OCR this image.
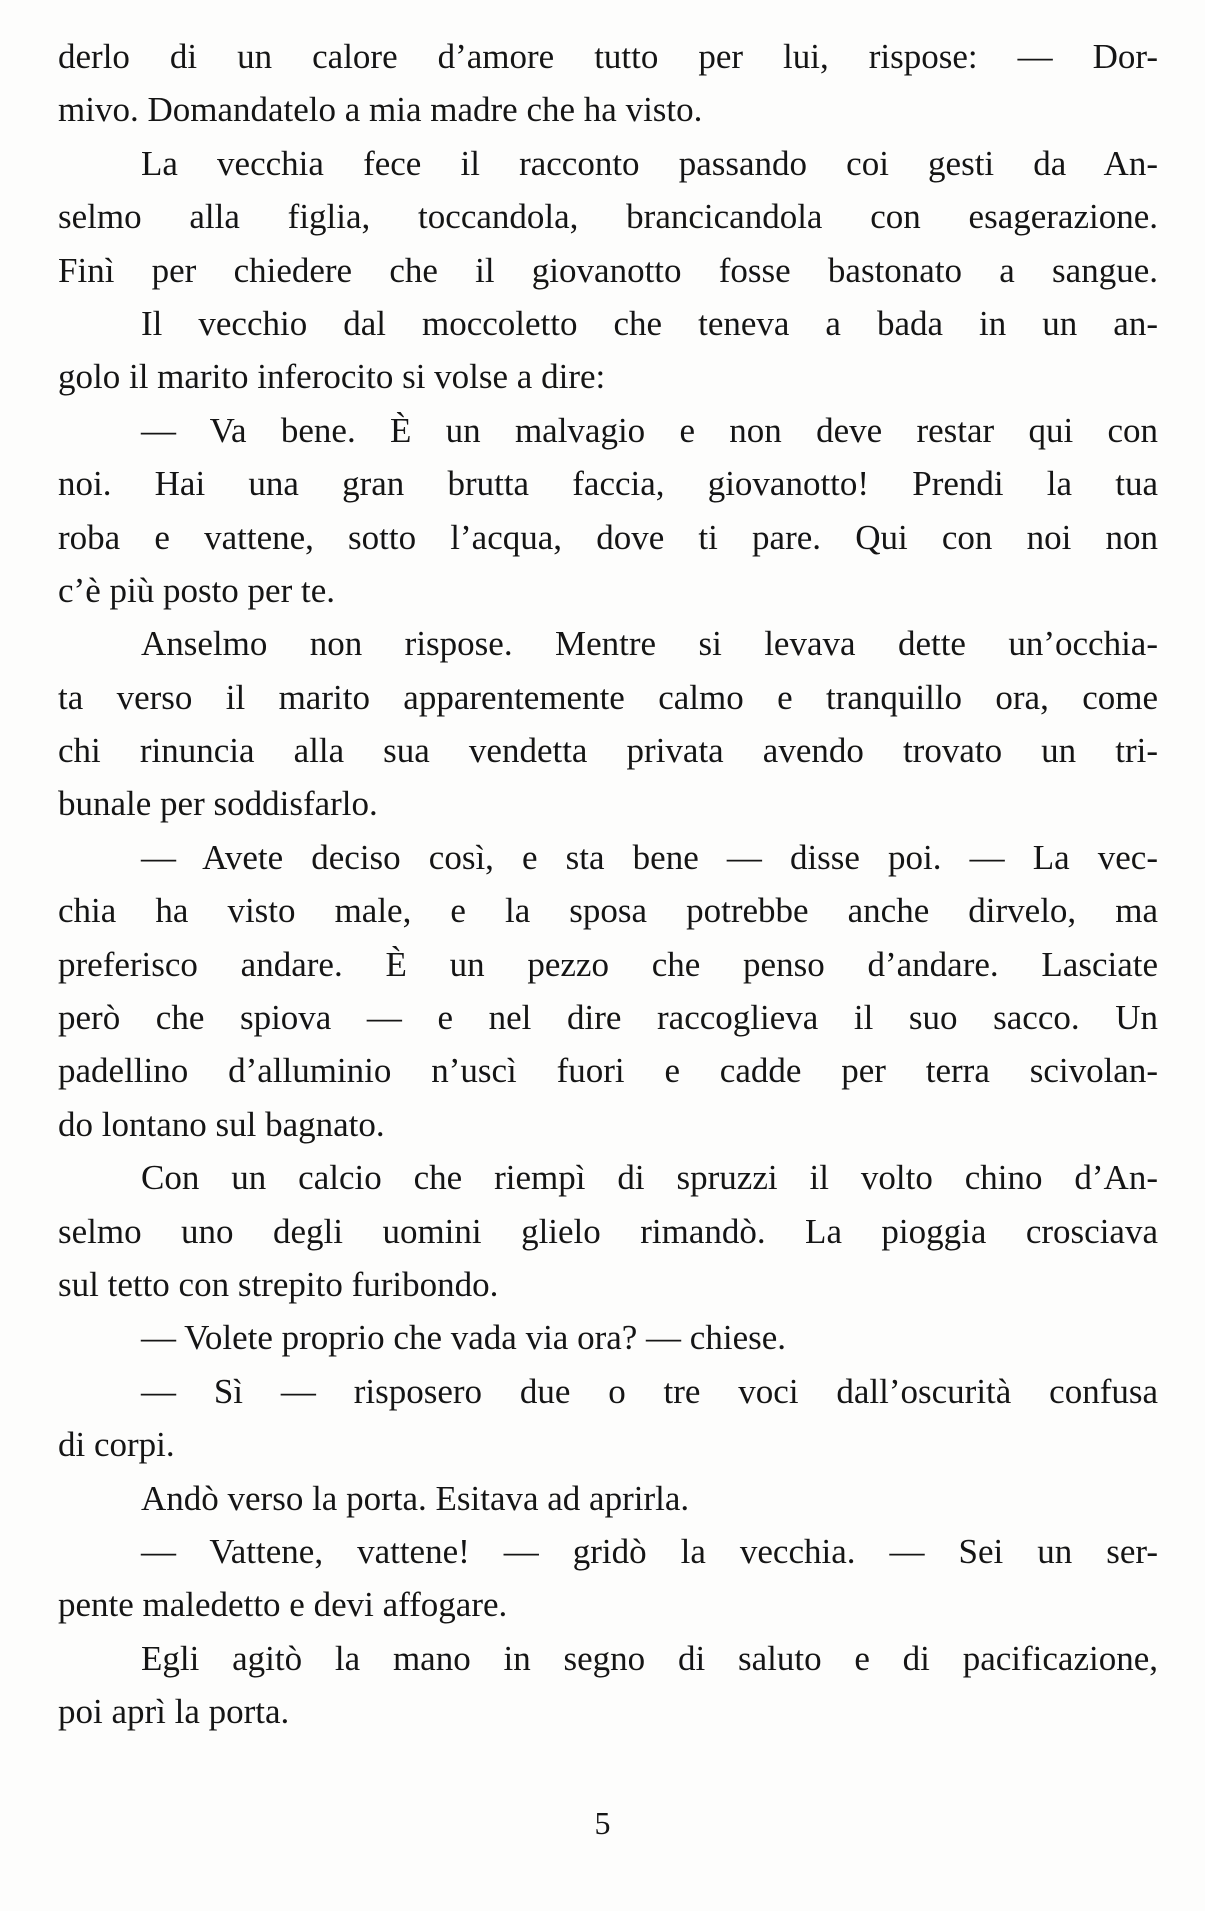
derlo di un calore d’amore tutto per lui, rispose: — Dor-
mivo. Domandatelo a mia madre che ha visto.
La vecchia fece il racconto passando coi gesti da An-
selmo alla figlia, toccandola, brancicandola con esagerazione.
Finì per chiedere che il giovanotto fosse bastonato a sangue.
Il vecchio dal moccoletto che teneva a bada in un an-
golo il marito inferocito si volse a dire:
— Va bene. È un malvagio e non deve restar qui con
noi. Hai una gran brutta faccia, giovanotto! Prendi la tua
roba e vattene, sotto l’acqua, dove ti pare. Qui con noi non
c’è più posto per te.
Anselmo non rispose. Mentre si levava dette un’occhia-
ta verso il marito apparentemente calmo e tranquillo ora, come
chi rinuncia alla sua vendetta privata avendo trovato un tri-
bunale per soddisfarlo.
— Avete deciso così, e sta bene — disse poi. — La vec-
chia ha visto male, e la sposa potrebbe anche dirvelo, ma
preferisco andare. È un pezzo che penso d’andare. Lasciate
però che spiova — e nel dire raccoglieva il suo sacco. Un
padellino d’alluminio n’uscì fuori e cadde per terra scivolan-
do lontano sul bagnato.
Con un calcio che riempì di spruzzi il volto chino d’An-
selmo uno degli uomini glielo rimandò. La pioggia crosciava
sul tetto con strepito furibondo.
— Volete proprio che vada via ora? — chiese.
— Sì — risposero due o tre voci dall’oscurità confusa
di corpi.
Andò verso la porta. Esitava ad aprirla.
— Vattene, vattene! — gridò la vecchia. — Sei un ser-
pente maledetto e devi affogare.
Egli agitò la mano in segno di saluto e di pacificazione,
poi aprì la porta.
5
